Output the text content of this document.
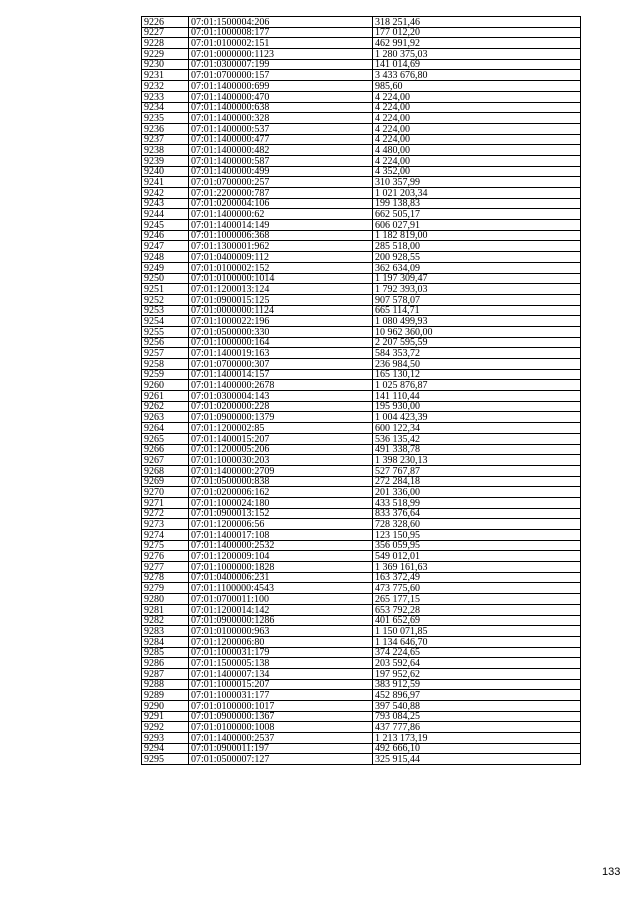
9226	07:01:1500004:206	318 251,46
9227	07:01:1000008:177	177 012,20
9228	07:01:0100002:151	462 991,92
9229	07:01:0000000:1123	1 280 375,03
9230	07:01:0300007:199	141 014,69
9231	07:01:0700000:157	3 433 676,80
9232	07:01:1400000:699	985,60
9233	07:01:1400000:470	4 224,00
9234	07:01:1400000:638	4 224,00
9235	07:01:1400000:328	4 224,00
9236	07:01:1400000:537	4 224,00
9237	07:01:1400000:477	4 224,00
9238	07:01:1400000:482	4 480,00
9239	07:01:1400000:587	4 224,00
9240	07:01:1400000:499	4 352,00
9241	07:01:0700000:257	310 357,99
9242	07:01:2200000:787	1 021 203,34
9243	07:01:0200004:106	199 138,83
9244	07:01:1400000:62	662 505,17
9245	07:01:1400014:149	606 027,91
9246	07:01:1000006:368	1 182 819,00
9247	07:01:1300001:962	285 518,00
9248	07:01:0400009:112	200 928,55
9249	07:01:0100002:152	362 634,09
9250	07:01:0100000:1014	1 197 309,47
9251	07:01:1200013:124	1 792 393,03
9252	07:01:0900015:125	907 578,07
9253	07:01:0000000:1124	665 114,71
9254	07:01:1000022:196	1 080 499,93
9255	07:01:0500000:330	10 962 360,00
9256	07:01:1000000:164	2 207 595,59
9257	07:01:1400019:163	584 353,72
9258	07:01:0700000:307	236 984,50
9259	07:01:1400014:157	165 130,12
9260	07:01:1400000:2678	1 025 876,87
9261	07:01:0300004:143	141 110,44
9262	07:01:0200000:228	195 930,00
9263	07:01:0900000:1379	1 004 423,39
9264	07:01:1200002:85	600 122,34
9265	07:01:1400015:207	536 135,42
9266	07:01:1200005:206	491 338,78
9267	07:01:1000030:203	1 398 230,13
9268	07:01:1400000:2709	527 767,87
9269	07:01:0500000:838	272 284,18
9270	07:01:0200006:162	201 336,00
9271	07:01:1000024:180	433 518,99
9272	07:01:0900013:152	833 376,64
9273	07:01:1200006:56	728 328,60
9274	07:01:1400017:108	123 150,95
9275	07:01:1400000:2532	356 059,95
9276	07:01:1200009:104	549 012,01
9277	07:01:1000000:1828	1 369 161,63
9278	07:01:0400006:231	163 372,49
9279	07:01:1100000:4543	473 775,60
9280	07:01:0700011:100	265 177,15
9281	07:01:1200014:142	653 792,28
9282	07:01:0900000:1286	401 652,69
9283	07:01:0100000:963	1 150 071,85
9284	07:01:1200006:80	1 134 646,70
9285	07:01:1000031:179	374 224,65
9286	07:01:1500005:138	203 592,64
9287	07:01:1400007:134	197 952,62
9288	07:01:1000015:207	383 912,59
9289	07:01:1000031:177	452 896,97
9290	07:01:0100000:1017	397 540,88
9291	07:01:0900000:1367	793 084,25
9292	07:01:0100000:1008	437 777,86
9293	07:01:1400000:2537	1 213 173,19
9294	07:01:0900011:197	492 666,10
9295	07:01:0500007:127	325 915,44
133
